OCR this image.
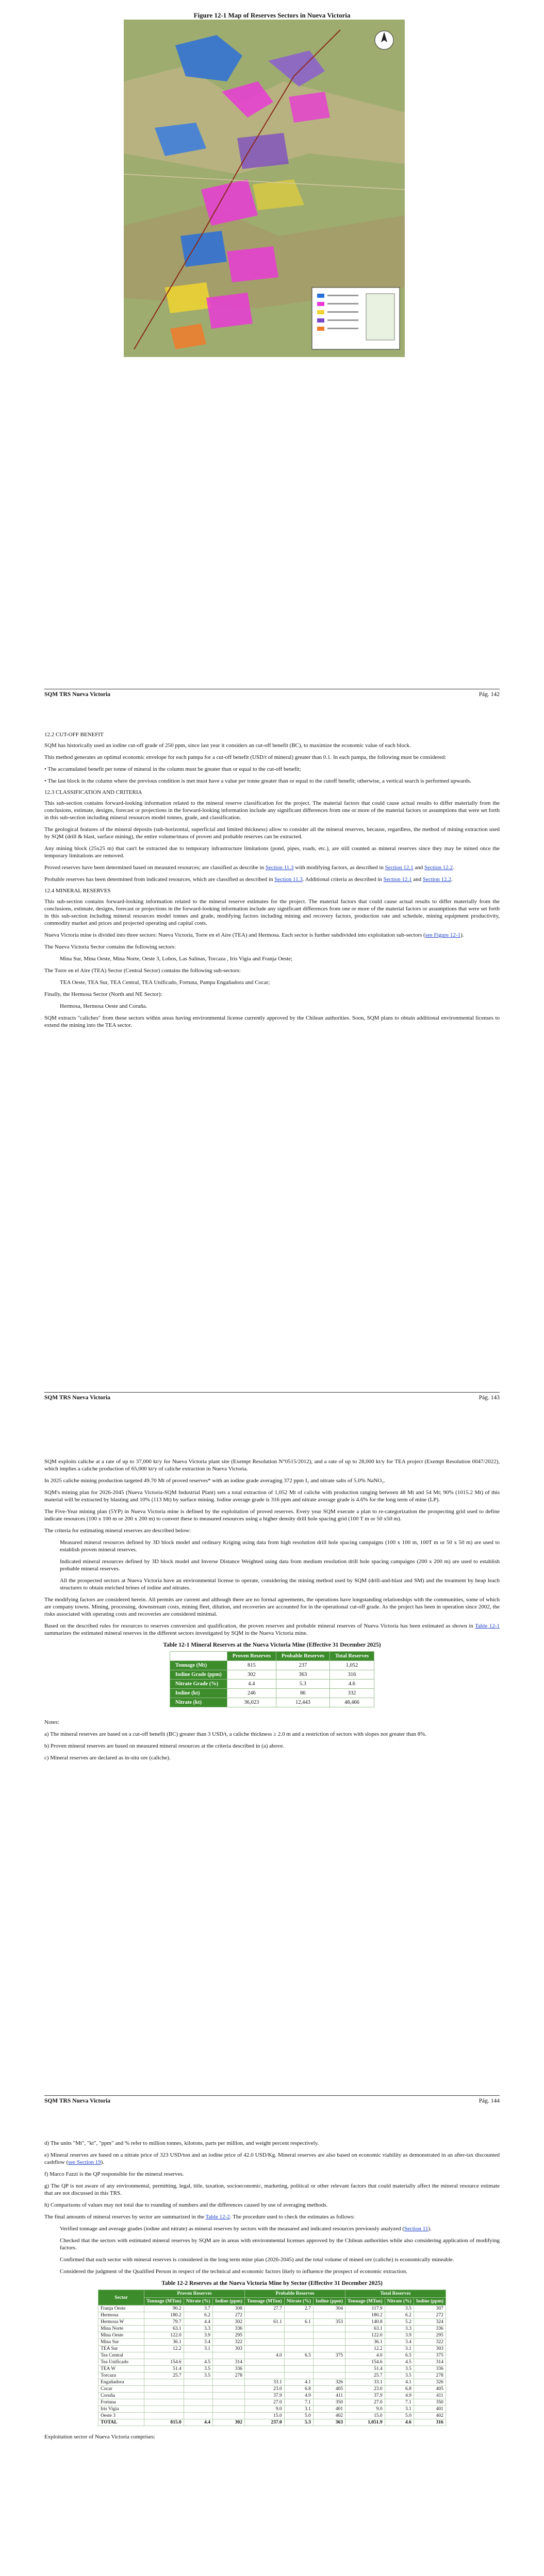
Figure 12-1 Map of Reserves Sectors in Nueva Victoria
SQM TRS Nueva Victoria	Pág. 142
12.2 CUT-OFF BENEFIT

SQM has historically used an iodine cut-off grade of 250 ppm, since last year it considers an cut-off benefit (BC), to maximize the economic value of each block.

This method generates an optimal economic envelope for each pampa for a cut-off benefit (USD/t of mineral) greater than 0.1. In each pampa, the following must be considered:

• The accumulated benefit per tonne of mineral in the column must be greater than or equal to the cut-off benefit;

• The last block in the column where the previous condition is met must have a value per tonne greater than or equal to the cutoff benefit; otherwise, a vertical search is performed upwards.

12.3 CLASSIFICATION AND CRITERIA

This sub-section contains forward-looking information related to the mineral reserve classification for the project. The material factors that could cause actual results to differ materially from the conclusions, estimate, designs, forecast or projections in the forward-looking information include any significant differences from one or more of the material factors or assumptions that were set forth in this sub-section including mineral resources model tonnes, grade, and classification.

The geological features of the mineral deposits (sub-horizontal, superficial and limited thickness) allow to consider all the mineral reserves, because, regardless, the method of mining extraction used by SQM (drill & blast, surface mining), the entire volume/mass of proven and probable reserves can be extracted.

Any mining block (25x25 m) that can't be extracted due to temporary infrastructure limitations (pond, pipes, roads, etc.), are still counted as mineral reserves since they may be mined once the temporary limitations are removed.

Proved reserves have been determined based on measured resources; are classified as describe in Section 11.3 with modifying factors, as described in Section 12.1 and Section 12.2.

Probable reserves has been determined from indicated resources, which are classified as described in Section 11.3. Additional criteria as described in Section 12.1 and Section 12.2.

12.4 MINERAL RESERVES

This sub-section contains forward-looking information related to the mineral reserve estimates for the project. The material factors that could cause actual results to differ materially from the conclusions, estimate, designs, forecast or projections in the forward-looking information include any significant differences from one or more of the material factors or assumptions that were set forth in this sub-section including mineral resources model tonnes and grade, modifying factors including mining and recovery factors, production rate and schedule, mining equipment productivity, commodity market and prices and projected operating and capital costs.

Nueva Victoria mine is divided into three sectors: Nueva Victoria, Torre en el Aire (TEA) and Hermosa. Each sector is further subdivided into exploitation sub-sectors (see Figure 12-1).

The Nueva Victoria Sector contains the following sectors:

Mina Sur, Mina Oeste, Mina Norte, Oeste 3, Lobos, Las Salinas, Torcaza , Iris Vigia and Franja Oeste;

The Torre en el Aire (TEA) Sector (Central Sector) contains the following sub-sectors:

TEA Oeste, TEA Sur, TEA Central, TEA Unificado, Fortuna, Pampa Engañadora and Cocar;

Finally, the Hermosa Sector (North and NE Sector):

Hermosa, Hermosa Oeste and Coruña.

SQM extracts "caliches" from these sectors within areas having environmental license currently approved by the Chilean authorities. Soon, SQM plans to obtain additional environmental licenses to extend the mining into the TEA sector.

SQM TRS Nueva Victoria	Pág. 143

SQM exploits caliche at a rate of up to 37,000 kt/y for Nueva Victoria plant site (Exempt Resolution N°0515/2012), and a rate of up to 28,000 kt/y for TEA project (Exempt Resolution 0047/2022), which implies a caliche production of 65,000 kt/y of caliche extraction in Nueva Victoria.

In 2025 caliche mining production targeted 49.70 Mt of proved reserves* with an iodine grade averaging 372 ppm I₂ and nitrate salts of 5.0% NaNO₃.

SQM's mining plan for 2026-2045 (Nueva Victoria-SQM Industrial Plant) sets a total extraction of 1,052 Mt of caliche with production ranging between 48 Mt and 54 Mt; 90% (1015.2 Mt) of this material will be extracted by blasting and 10% (113 Mt) by surface mining. Iodine average grade is 316 ppm and nitrate average grade is 4.6% for the long term of mine (LP).

The Five-Year mining plan (5YP) in Nueva Victoria mine is defined by the exploitation of proved reserves. Every year SQM execute a plan to re-categorization the prospecting grid used to define indicate resources (100 x 100 m or 200 x 200 m) to convert these to measured resources using a higher density drill hole spacing grid (100 T m or 50 x50 m).

The criteria for estimating mineral reserves are described below:

Measured mineral resources defined by 3D block model and ordinary Kriging using data from high resolution drill hole spacing campaigns (100 x 100 m, 100T m or 50 x 50 m) are used to establish proven mineral reserves.

Indicated mineral resources defined by 3D block model and Inverse Distance Weighted using data from medium resolution drill hole spacing campaigns (200 x 200 m) are used to establish probable mineral reserves.

All the prospected sectors at Nueva Victoria have an environmental license to operate, considering the mining method used by SQM (drill-and-blast and SM) and the treatment by heap leach structures to obtain enriched brines of iodine and nitrates.

The modifying factors are considered herein. All permits are current and although there are no formal agreements, the operations have longstanding relationships with the communities, some of which are company towns. Mining, processing, downstream costs, mining fleet, dilution, and recoveries are accounted for in the operational cut-off grade. As the project has been in operation since 2002, the risks associated with operating costs and recoveries are considered minimal.

Based on the described rules for resources to reserves conversion and qualification, the proven reserves and probable mineral reserves of Nueva Victoria has been estimated as shown in Table 12-1 summarizes the estimated mineral reserves in the different sectors investigated by SQM in the Nueva Victoria mine.

Table 12-1 Mineral Reserves at the Nueva Victoria Mine (Effective 31 December 2025)
	Proven Reserves	Probable Reserves	Total Reserves
Tonnage (Mt)	815	237	1,052
Iodine Grade (ppm)	302	363	316
Nitrate Grade (%)	4.4	5.3	4.6
Iodine (kt)	246	86	332
Nitrate (kt)	36,023	12,443	48,466

Notes:

a) The mineral reserves are based on a cut-off benefit (BC) greater than 3 USD/t, a caliche thickness ≥ 2.0 m and a restriction of sectors with slopes not greater than 8%.

b) Proven mineral reserves are based on measured mineral resources at the criteria described in (a) above.

c) Mineral reserves are declared as in-situ ore (caliche).

SQM TRS Nueva Victoria	Pág. 144

d) The units "Mt", "kt", "ppm" and % refer to million tonnes, kilotons, parts per million, and weight percent respectively.

e) Mineral reserves are based on a nitrate price of 323 USD/ton and an iodine price of 42.0 USD/Kg. Mineral reserves are also based on economic viability as demonstrated in an after-tax discounted cashflow (see Section 19).

f) Marco Fazzi is the QP responsible for the mineral reserves.

g) The QP is not aware of any environmental, permitting, legal, title, taxation, socioeconomic, marketing, political or other relevant factors that could materially affect the mineral resource estimate that are not discussed in this TRS.

h) Comparisons of values may not total due to rounding of numbers and the differences caused by use of averaging methods.

The final amounts of mineral reserves by sector are summarized in the Table 12-2. The procedure used to check the estimates as follows:

Verified tonnage and average grades (iodine and nitrate) as mineral reserves by sectors with the measured and indicated resources previously analyzed (Section 11).

Checked that the sectors with estimated mineral reserves by SQM are in areas with environmental licenses approved by the Chilean authorities while also considering application of modifying factors.

Confirmed that each sector with mineral reserves is considered in the long term mine plan (2026-2045) and the total volume of mined ore (caliche) is economically mineable.

Considered the judgment of the Qualified Person in respect of the technical and economic factors likely to influence the prospect of economic extraction.

Table 12-2 Reserves at the Nueva Victoria Mine by Sector (Effective 31 December 2025)
Sector	Proven Reserves			Probable Reserves			Total Reserves		
	Tonnage (MTon)	Nitrate (%)	Iodine (ppm)	Tonnage (MTon)	Nitrate (%)	Iodine (ppm)	Tonnage (MTon)	Nitrate (%)	Iodine (ppm)
Franja Oeste	90.2	3.7	308	27.7	2.7	304	117.9	3.5	307
Hermosa	180.2	6.2	272				180.2	6.2	272
Hermosa W	79.7	4.4	302	61.1	6.1	353	140.8	5.2	324
Mina Norte	63.1	3.3	336				63.1	3.3	336
Mina Oeste	122.0	3.9	295				122.0	3.9	295
Mina Sur	36.1	3.4	322				36.1	3.4	322
TEA Sur	12.2	3.1	303				12.2	3.1	303
Tea Central				4.0	6.5	375	4.0	6.5	375
Tea Unificado	154.6	4.5	314				154.6	4.5	314
TEA W	51.4	3.5	336				51.4	3.5	336
Torcaza	25.7	3.5	278				25.7	3.5	278
Engañadora				33.1	4.1	326	33.1	4.1	326
Cocar				23.0	6.8	405	23.0	6.8	405
Coruña				37.9	4.9	411	37.9	4.9	411
Fortuna				27.0	7.1	350	27.0	7.1	350
Iris Vigia				9.0	3.1	401	9.0	3.1	401
Oeste 3				15.0	5.0	402	15.0	5.0	402
TOTAL	815.0	4.4	302	237.0	5.3	363	1,051.9	4.6	316

Exploitation sector of Nueva Victoria comprises:
